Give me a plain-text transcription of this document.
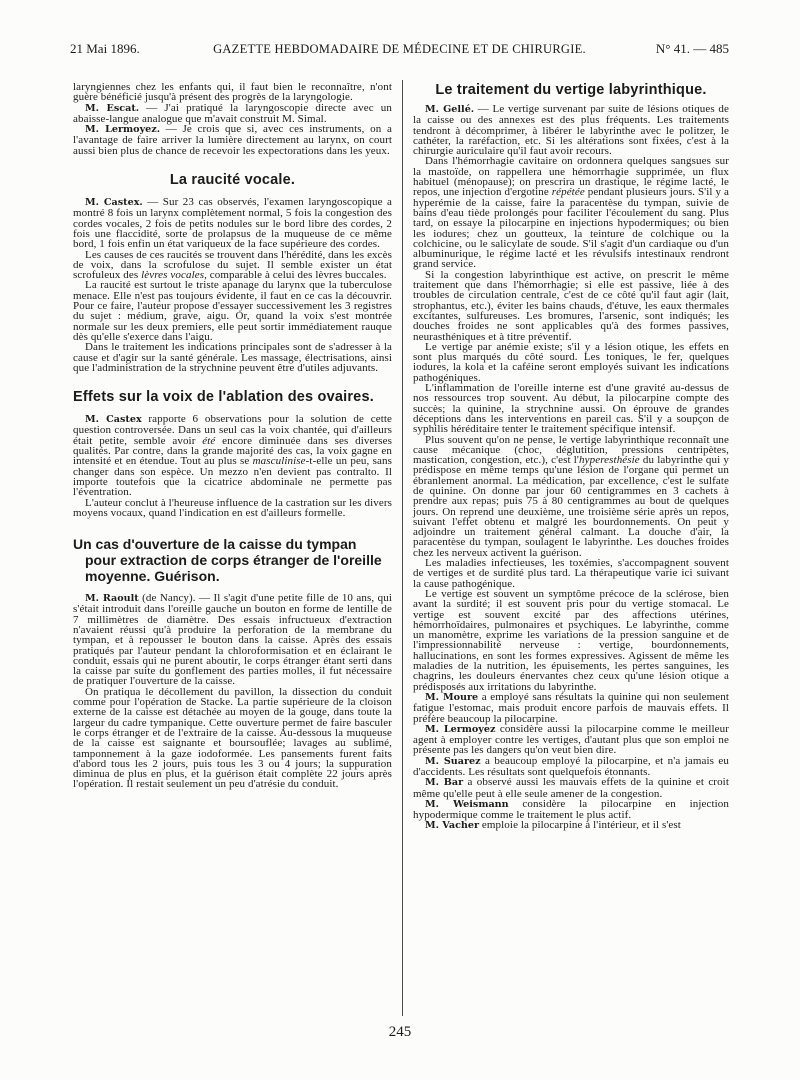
21 Mai 1896.	GAZETTE HEBDOMADAIRE DE MÉDECINE ET DE CHIRURGIE.	N° 41. — 485

laryngiennes chez les enfants qui, il faut bien le reconnaître, n'ont guère bénéficié jusqu'à présent des progrès de la laryngologie.

M. Escat. — J'ai pratiqué la laryngoscopie directe avec un abaisse-langue analogue que m'avait construit M. Simal.

M. Lermoyez. — Je crois que si, avec ces instruments, on a l'avantage de faire arriver la lumière directement au larynx, on court aussi bien plus de chance de recevoir les expectorations dans les yeux.

La raucité vocale.

M. Castex. — Sur 23 cas observés, l'examen laryngoscopique a montré 8 fois un larynx complètement normal, 5 fois la congestion des cordes vocales, 2 fois de petits nodules sur le bord libre des cordes, 2 fois une flaccidité, sorte de prolapsus de la muqueuse de ce même bord, 1 fois enfin un état variqueux de la face supérieure des cordes.

Les causes de ces raucités se trouvent dans l'hérédité, dans les excès de voix, dans la scrofulose du sujet. Il semble exister un état scrofuleux des lèvres vocales, comparable à celui des lèvres buccales.

La raucité est surtout le triste apanage du larynx que la tuberculose menace. Elle n'est pas toujours évidente, il faut en ce cas la découvrir. Pour ce faire, l'auteur propose d'essayer successivement les 3 registres du sujet : médium, grave, aigu. Or, quand la voix s'est montrée normale sur les deux premiers, elle peut sortir immédiatement rauque dès qu'elle s'exerce dans l'aigu.

Dans le traitement les indications principales sont de s'adresser à la cause et d'agir sur la santé générale. Les massage, électrisations, ainsi que l'administration de la strychnine peuvent être d'utiles adjuvants.

Effets sur la voix de l'ablation des ovaires.

M. Castex rapporte 6 observations pour la solution de cette question controversée. Dans un seul cas la voix chantée, qui d'ailleurs était petite, semble avoir été encore diminuée dans ses diverses qualités. Par contre, dans la grande majorité des cas, la voix gagne en intensité et en étendue. Tout au plus se masculinise-t-elle un peu, sans changer dans son espèce. Un mezzo n'en devient pas contralto. Il importe toutefois que la cicatrice abdominale ne permette pas l'éventration.

L'auteur conclut à l'heureuse influence de la castration sur les divers moyens vocaux, quand l'indication en est d'ailleurs formelle.

Un cas d'ouverture de la caisse du tympan
pour extraction de corps étranger de l'oreille
moyenne. Guérison.

M. Raoult (de Nancy). — Il s'agit d'une petite fille de 10 ans, qui s'était introduit dans l'oreille gauche un bouton en forme de lentille de 7 millimètres de diamètre. Des essais infructueux d'extraction n'avaient réussi qu'à produire la perforation de la membrane du tympan, et à repousser le bouton dans la caisse. Après des essais pratiqués par l'auteur pendant la chloroformisation et en éclairant le conduit, essais qui ne purent aboutir, le corps étranger étant serti dans la caisse par suite du gonflement des parties molles, il fut nécessaire de pratiquer l'ouverture de la caisse.

On pratiqua le décollement du pavillon, la dissection du conduit comme pour l'opération de Stacke. La partie supérieure de la cloison externe de la caisse est détachée au moyen de la gouge, dans toute la largeur du cadre tympanique. Cette ouverture permet de faire basculer le corps étranger et de l'extraire de la caisse. Au-dessous la muqueuse de la caisse est saignante et boursouflée; lavages au sublimé, tamponnement à la gaze iodoformée. Les pansements furent faits d'abord tous les 2 jours, puis tous les 3 ou 4 jours; la suppuration diminua de plus en plus, et la guérison était complète 22 jours après l'opération. Il restait seulement un peu d'atrésie du conduit.

Le traitement du vertige labyrinthique.

M. Gellé. — Le vertige survenant par suite de lésions otiques de la caisse ou des annexes est des plus fréquents. Les traitements tendront à décomprimer, à libérer le labyrinthe avec le politzer, le cathéter, la raréfaction, etc. Si les altérations sont fixées, c'est à la chirurgie auriculaire qu'il faut avoir recours.

Dans l'hémorrhagie cavitaire on ordonnera quelques sangsues sur la mastoïde, on rappellera une hémorrhagie supprimée, un flux habituel (ménopause); on prescrira un drastique, le régime lacté, le repos, une injection d'ergotine répétée pendant plusieurs jours. S'il y a hyperémie de la caisse, faire la paracentèse du tympan, suivie de bains d'eau tiède prolongés pour faciliter l'écoulement du sang. Plus tard, on essaye la pilocarpine en injections hypodermiques; ou bien les iodures; chez un goutteux, la teinture de colchique ou la colchicine, ou le salicylate de soude. S'il s'agit d'un cardiaque ou d'un albuminurique, le régime lacté et les révulsifs intestinaux rendront grand service.

Si la congestion labyrinthique est active, on prescrit le même traitement que dans l'hémorrhagie; si elle est passive, liée à des troubles de circulation centrale, c'est de ce côté qu'il faut agir (lait, strophantus, etc.), éviter les bains chauds, d'étuve, les eaux thermales excitantes, sulfureuses. Les bromures, l'arsenic, sont indiqués; les douches froides ne sont applicables qu'à des formes passives, neurasthéniques et à titre préventif.

Le vertige par anémie existe; s'il y a lésion otique, les effets en sont plus marqués du côté sourd. Les toniques, le fer, quelques iodures, la kola et la caféine seront employés suivant les indications pathogéniques.

L'inflammation de l'oreille interne est d'une gravité au-dessus de nos ressources trop souvent. Au début, la pilocarpine compte des succès; la quinine, la strychnine aussi. On éprouve de grandes déceptions dans les interventions en pareil cas. S'il y a soupçon de syphilis héréditaire tenter le traitement spécifique intensif.

Plus souvent qu'on ne pense, le vertige labyrinthique reconnaît une cause mécanique (choc, déglutition, pressions centripètes, mastication, congestion, etc.), c'est l'hyperesthésie du labyrinthe qui y prédispose en même temps qu'une lésion de l'organe qui permet un ébranlement anormal. La médication, par excellence, c'est le sulfate de quinine. On donne par jour 60 centigrammes en 3 cachets à prendre aux repas; puis 75 à 80 centigrammes au bout de quelques jours. On reprend une deuxième, une troisième série après un repos, suivant l'effet obtenu et malgré les bourdonnements. On peut y adjoindre un traitement général calmant. La douche d'air, la paracentèse du tympan, soulagent le labyrinthe. Les douches froides chez les nerveux activent la guérison.

Les maladies infectieuses, les toxémies, s'accompagnent souvent de vertiges et de surdité plus tard. La thérapeutique varie ici suivant la cause pathogénique.

Le vertige est souvent un symptôme précoce de la sclérose, bien avant la surdité; il est souvent pris pour du vertige stomacal. Le vertige est souvent excité par des affections utérines, hémorrhoïdaires, pulmonaires et psychiques. Le labyrinthe, comme un manomètre, exprime les variations de la pression sanguine et de l'impressionnabilité nerveuse : vertige, bourdonnements, hallucinations, en sont les formes expressives. Agissent de même les maladies de la nutrition, les épuisements, les pertes sanguines, les chagrins, les douleurs énervantes chez ceux qu'une lésion otique a prédisposés aux irritations du labyrinthe.

M. Moure a employé sans résultats la quinine qui non seulement fatigue l'estomac, mais produit encore parfois de mauvais effets. Il préfère beaucoup la pilocarpine.

M. Lermoyez considère aussi la pilocarpine comme le meilleur agent à employer contre les vertiges, d'autant plus que son emploi ne présente pas les dangers qu'on veut bien dire.

M. Suarez a beaucoup employé la pilocarpine, et n'a jamais eu d'accidents. Les résultats sont quelquefois étonnants.

M. Bar a observé aussi les mauvais effets de la quinine et croit même qu'elle peut à elle seule amener de la congestion.

M. Weismann considère la pilocarpine en injection hypodermique comme le traitement le plus actif.

M. Vacher emploie la pilocarpine à l'intérieur, et il s'est

245
